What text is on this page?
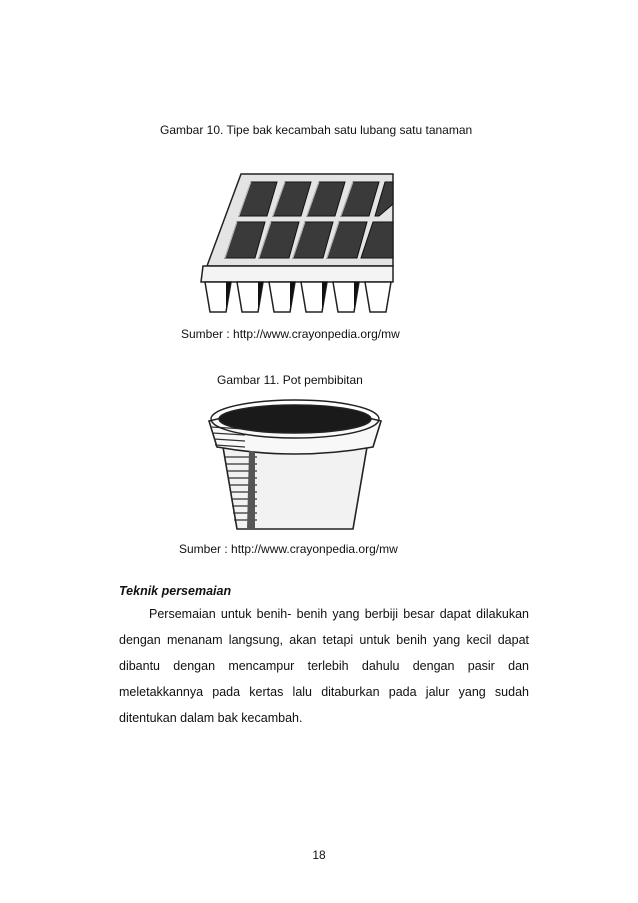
Gambar 10. Tipe bak kecambah satu lubang satu tanaman
Sumber : http://www.crayonpedia.org/mw
Gambar 11. Pot pembibitan
Sumber : http://www.crayonpedia.org/mw
Teknik persemaian
Persemaian untuk benih- benih yang berbiji besar dapat dilakukan
dengan menanam langsung, akan tetapi untuk benih yang kecil dapat
dibantu dengan mencampur terlebih dahulu dengan pasir dan
meletakkannya pada kertas lalu ditaburkan pada jalur yang sudah
ditentukan dalam bak kecambah.
18
